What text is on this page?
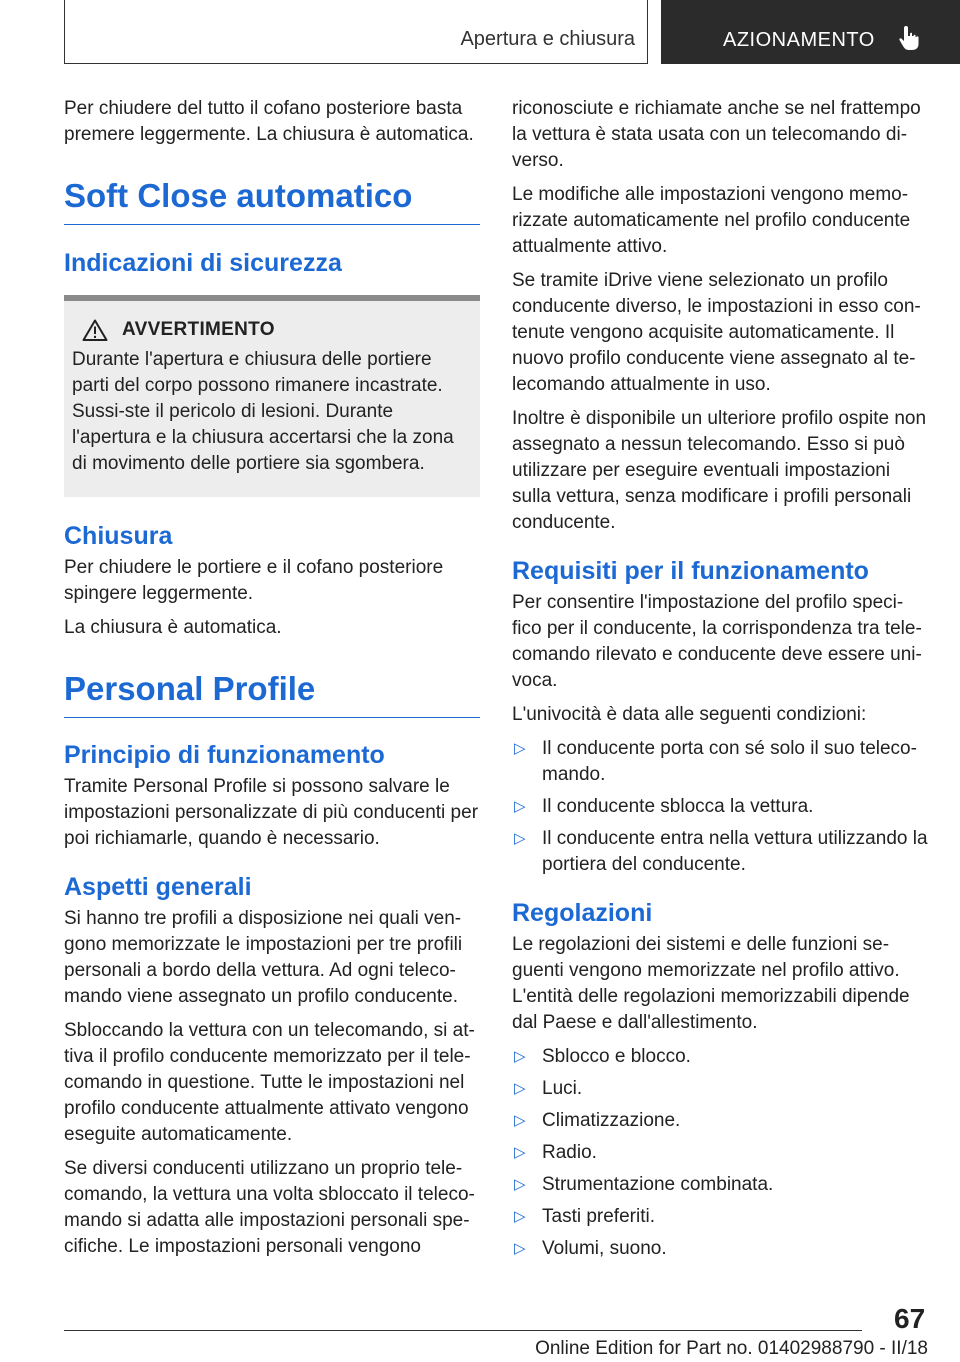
Apertura e chiusura	AZIONAMENTO

Per chiudere del tutto il cofano posteriore basta premere leggermente. La chiusura è automatica.

Soft Close automatico
Indicazioni di sicurezza
AVVERTIMENTO
Durante l'apertura e chiusura delle portiere parti del corpo possono rimanere incastrate. Sussi-ste il pericolo di lesioni. Durante l'apertura e la chiusura accertarsi che la zona di movimento delle portiere sia sgombera.
Chiusura

Per chiudere le portiere e il cofano posteriore spingere leggermente.

La chiusura è automatica.

Personal Profile
Principio di funzionamento

Tramite Personal Profile si possono salvare le impostazioni personalizzate di più conducenti per poi richiamarle, quando è necessario.

Aspetti generali

Si hanno tre profili a disposizione nei quali ven-gono memorizzate le impostazioni per tre profili personali a bordo della vettura. Ad ogni teleco-mando viene assegnato un profilo conducente.

Sbloccando la vettura con un telecomando, si at-tiva il profilo conducente memorizzato per il tele-comando in questione. Tutte le impostazioni nel profilo conducente attualmente attivato vengono eseguite automaticamente.

Se diversi conducenti utilizzano un proprio tele-comando, la vettura una volta sbloccato il teleco-mando si adatta alle impostazioni personali spe-cifiche. Le impostazioni personali vengono

riconosciute e richiamate anche se nel frattempo la vettura è stata usata con un telecomando di-verso.

Le modifiche alle impostazioni vengono memo-rizzate automaticamente nel profilo conducente attualmente attivo.

Se tramite iDrive viene selezionato un profilo conducente diverso, le impostazioni in esso con-tenute vengono acquisite automaticamente. Il nuovo profilo conducente viene assegnato al te-lecomando attualmente in uso.

Inoltre è disponibile un ulteriore profilo ospite non assegnato a nessun telecomando. Esso si può utilizzare per eseguire eventuali impostazioni sulla vettura, senza modificare i profili personali conducente.

Requisiti per il funzionamento

Per consentire l'impostazione del profilo speci-fico per il conducente, la corrispondenza tra tele-comando rilevato e conducente deve essere uni-voca.

L'univocità è data alle seguenti condizioni:

▷ Il conducente porta con sé solo il suo teleco-mando.
▷ Il conducente sblocca la vettura.
▷ Il conducente entra nella vettura utilizzando la portiera del conducente.
Regolazioni

Le regolazioni dei sistemi e delle funzioni se-guenti vengono memorizzate nel profilo attivo. L'entità delle regolazioni memorizzabili dipende dal Paese e dall'allestimento.

▷ Sblocco e blocco.
▷ Luci.
▷ Climatizzazione.
▷ Radio.
▷ Strumentazione combinata.
▷ Tasti preferiti.
▷ Volumi, suono.
67
Online Edition for Part no. 01402988790 - II/18
